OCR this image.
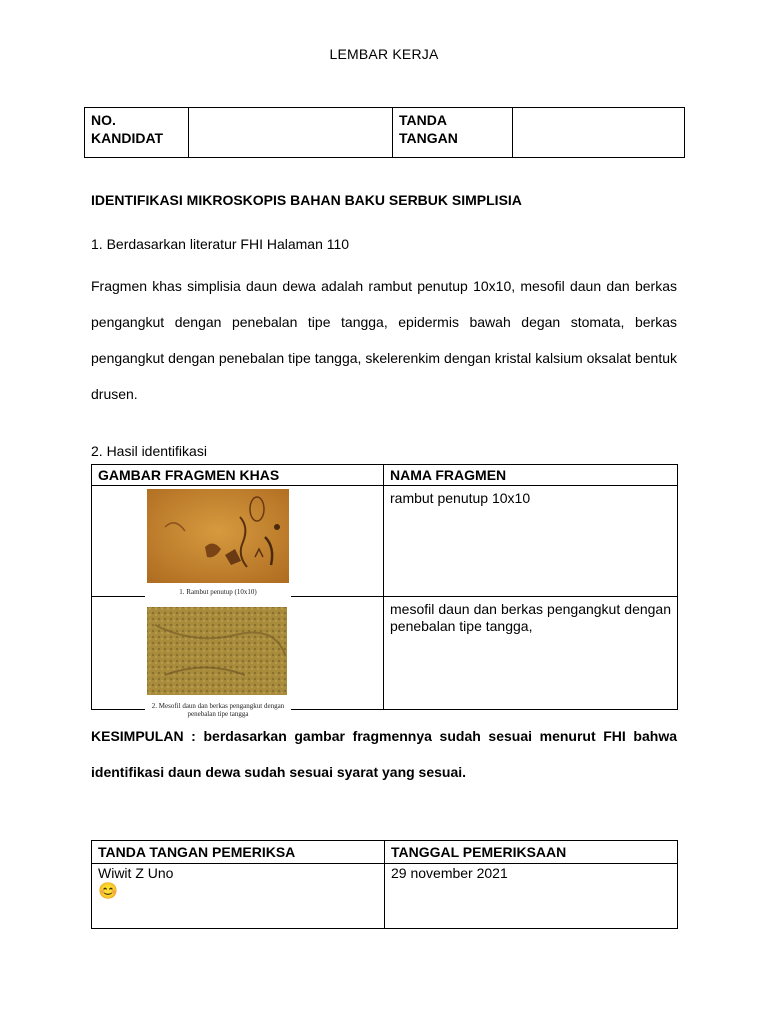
LEMBAR KERJA
NO. KANDIDAT		TANDA TANGAN	
IDENTIFIKASI MIKROSKOPIS BAHAN BAKU SERBUK SIMPLISIA
1. Berdasarkan literatur FHI Halaman 110
Fragmen khas simplisia daun dewa adalah rambut penutup 10x10, mesofil daun dan berkas pengangkut dengan penebalan tipe tangga, epidermis bawah degan stomata, berkas pengangkut dengan penebalan tipe tangga, skelerenkim dengan kristal kalsium oksalat bentuk drusen.
2. Hasil identifikasi
GAMBAR FRAGMEN KHAS	NAMA FRAGMEN
	rambut penutup 10x10
	mesofil daun dan berkas pengangkut dengan penebalan tipe tangga,
1. Rambut penutup (10x10)
2. Mesofil daun dan berkas pengangkut dengan penebalan tipe tangga
KESIMPULAN : berdasarkan gambar fragmennya sudah sesuai menurut FHI bahwa identifikasi daun dewa sudah sesuai syarat yang sesuai.
TANDA TANGAN PEMERIKSA	TANGGAL PEMERIKSAAN

Wiwit Z Uno
😊	29 november 2021
